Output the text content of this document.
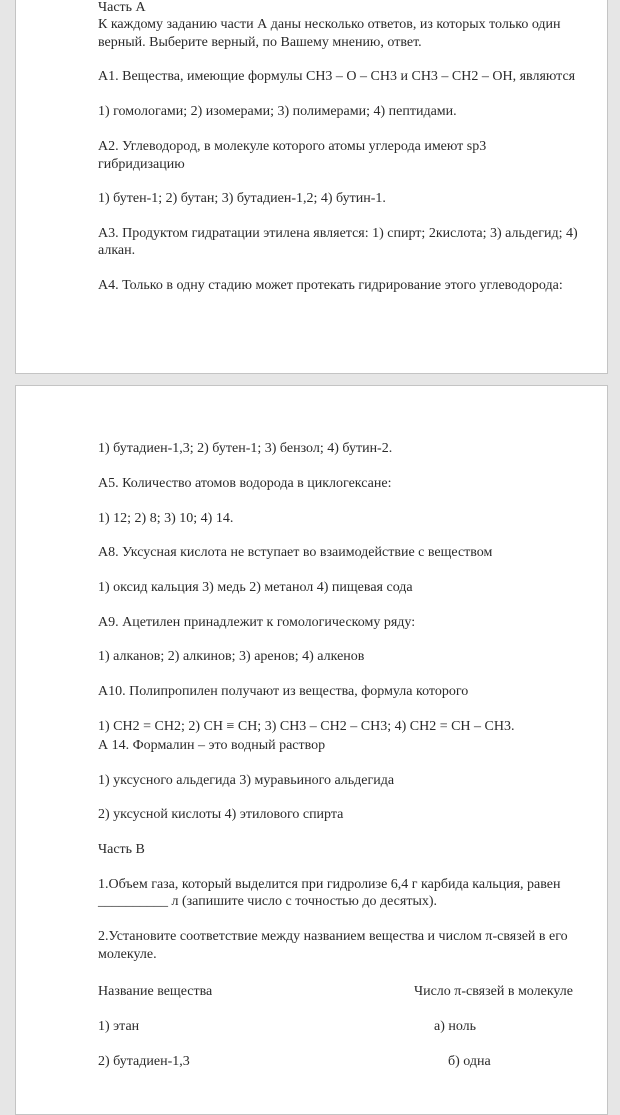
Часть А

К каждому заданию части А даны несколько ответов, из которых только один

верный. Выберите верный, по Вашему мнению, ответ.

А1. Вещества, имеющие формулы СН3 – О – СН3 и СН3 – СН2 – ОН, являются

1) гомологами; 2) изомерами; 3) полимерами; 4) пептидами.

А2. Углеводород, в молекуле которого атомы углерода имеют sp3

гибридизацию

1) бутен-1; 2) бутан; 3) бутадиен-1,2; 4) бутин-1.

А3. Продуктом гидратации этилена является: 1) спирт; 2кислота; 3) альдегид; 4)

алкан.

А4. Только в одну стадию может протекать гидрирование этого углеводорода:

1) бутадиен-1,3; 2) бутен-1; 3) бензол; 4) бутин-2.

А5. Количество атомов водорода в циклогексане:

1) 12; 2) 8; 3) 10; 4) 14.

А8. Уксусная кислота не вступает во взаимодействие с веществом

1) оксид кальция 3) медь 2) метанол 4) пищевая сода

А9. Ацетилен принадлежит к гомологическому ряду:

1) алканов; 2) алкинов; 3) аренов; 4) алкенов

А10. Полипропилен получают из вещества, формула которого

1) СН2 = СН2; 2) СН ≡ СН; 3) СН3 – СН2 – СН3; 4) СН2 = СН – СН3.

А 14. Формалин – это водный раствор

1) уксусного альдегида 3) муравьиного альдегида

2) уксусной кислоты 4) этилового спирта

Часть В

1.Объем газа, который выделится при гидролизе 6,4 г карбида кальция, равен

__________ л (запишите число с точностью до десятых).

2.Установите соответствие между названием вещества и числом π-связей в его

молекуле.

Название вещества	Число π-связей в молекуле

1) этан	а) ноль

2) бутадиен-1,3	б) одна
